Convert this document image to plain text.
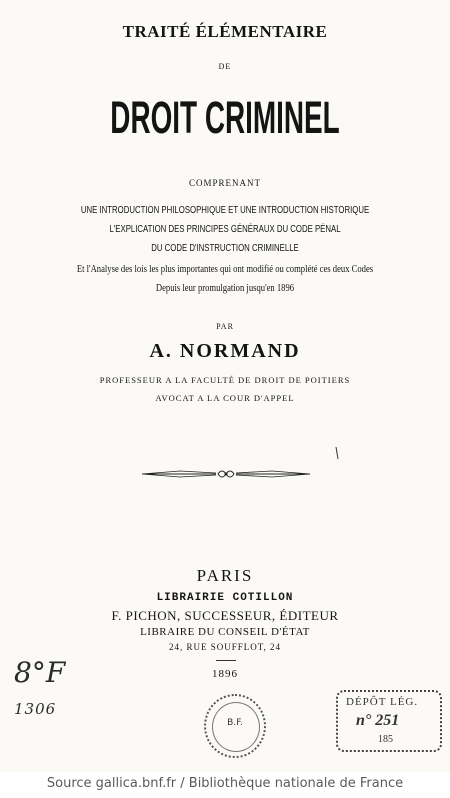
TRAITÉ ÉLÉMENTAIRE
DE
DROIT CRIMINEL
COMPRENANT
UNE INTRODUCTION PHILOSOPHIQUE ET UNE INTRODUCTION HISTORIQUE
L'EXPLICATION DES PRINCIPES GÉNÉRAUX DU CODE PÉNAL
DU CODE D'INSTRUCTION CRIMINELLE
Et l'Analyse des lois les plus importantes qui ont modifié ou complété ces deux Codes
Depuis leur promulgation jusqu'en 1896
PAR
A. NORMAND
PROFESSEUR A LA FACULTÉ DE DROIT DE POITIERS
AVOCAT A LA COUR D'APPEL
PARIS
LIBRAIRIE COTILLON
F. PICHON, SUCCESSEUR, ÉDITEUR
LIBRAIRE DU CONSEIL D'ÉTAT
24, RUE SOUFFLOT, 24
1896
8°F
1306
B.F.
DÉPÔT LÉG.
n° 251
185
Source gallica.bnf.fr / Bibliothèque nationale de France
